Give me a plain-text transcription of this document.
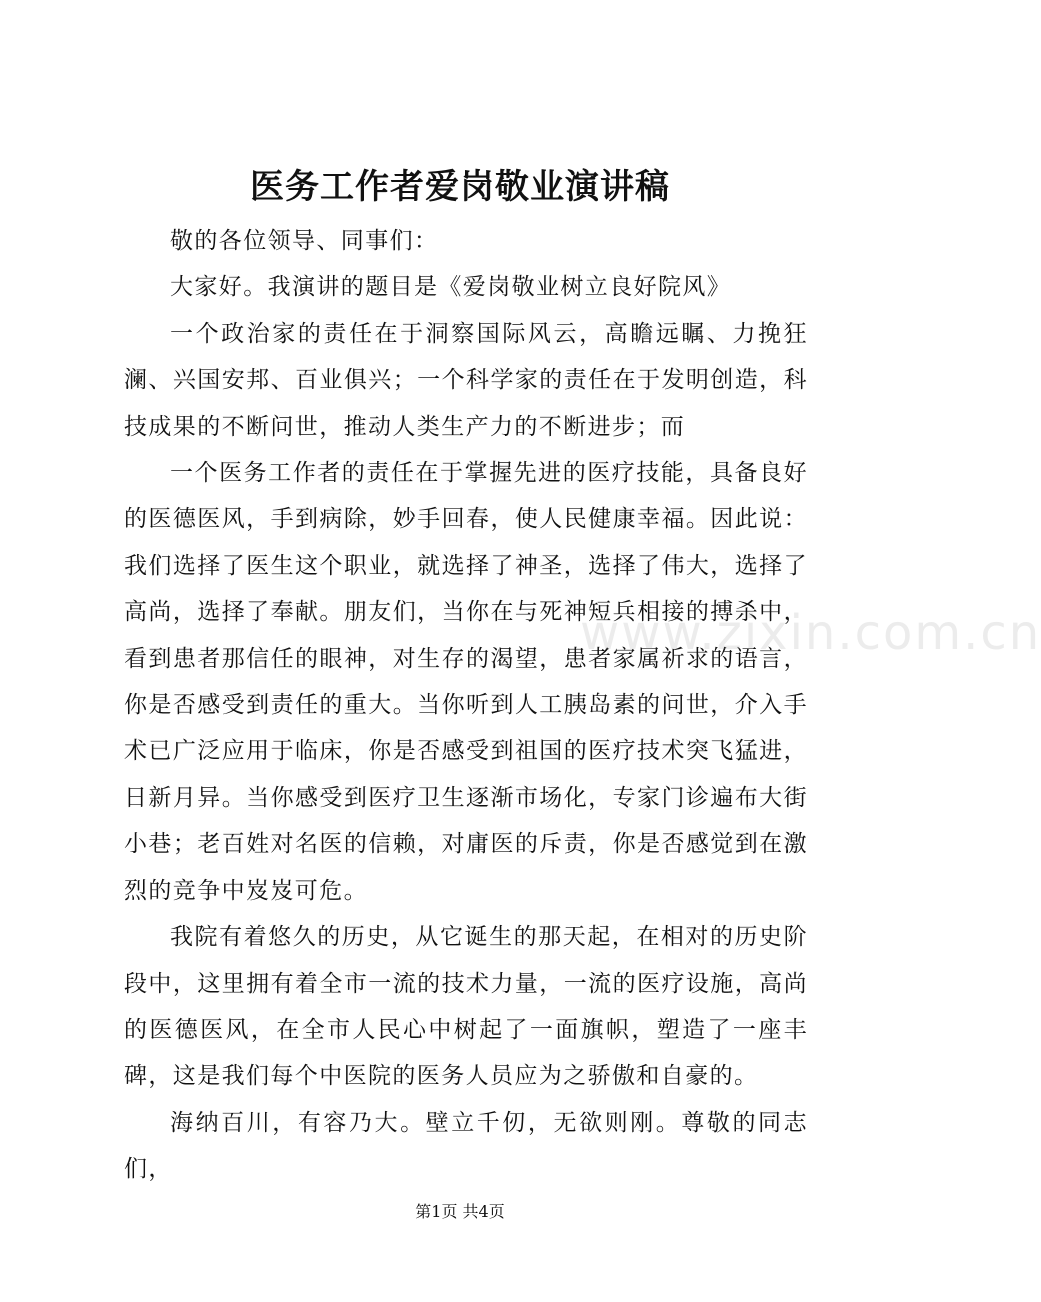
医务工作者爱岗敬业演讲稿

敬的各位领导、同事们：

大家好。我演讲的题目是《爱岗敬业树立良好院风》

一个政治家的责任在于洞察国际风云，高瞻远瞩、力挽狂澜、兴国安邦、百业俱兴；一个科学家的责任在于发明创造，科技成果的不断问世，推动人类生产力的不断进步；而

一个医务工作者的责任在于掌握先进的医疗技能，具备良好的医德医风，手到病除，妙手回春，使人民健康幸福。因此说：我们选择了医生这个职业，就选择了神圣，选择了伟大，选择了高尚，选择了奉献。朋友们，当你在与死神短兵相接的搏杀中，看到患者那信任的眼神，对生存的渴望，患者家属祈求的语言，你是否感受到责任的重大。当你听到人工胰岛素的问世，介入手术已广泛应用于临床，你是否感受到祖国的医疗技术突飞猛进，日新月异。当你感受到医疗卫生逐渐市场化，专家门诊遍布大街小巷；老百姓对名医的信赖，对庸医的斥责，你是否感觉到在激烈的竞争中岌岌可危。

我院有着悠久的历史，从它诞生的那天起，在相对的历史阶段中，这里拥有着全市一流的技术力量，一流的医疗设施，高尚的医德医风，在全市人民心中树起了一面旗帜，塑造了一座丰碑，这是我们每个中医院的医务人员应为之骄傲和自豪的。

海纳百川，有容乃大。壁立千仞，无欲则刚。尊敬的同志们，

www.zixin.com.cn
第1页 共4页
